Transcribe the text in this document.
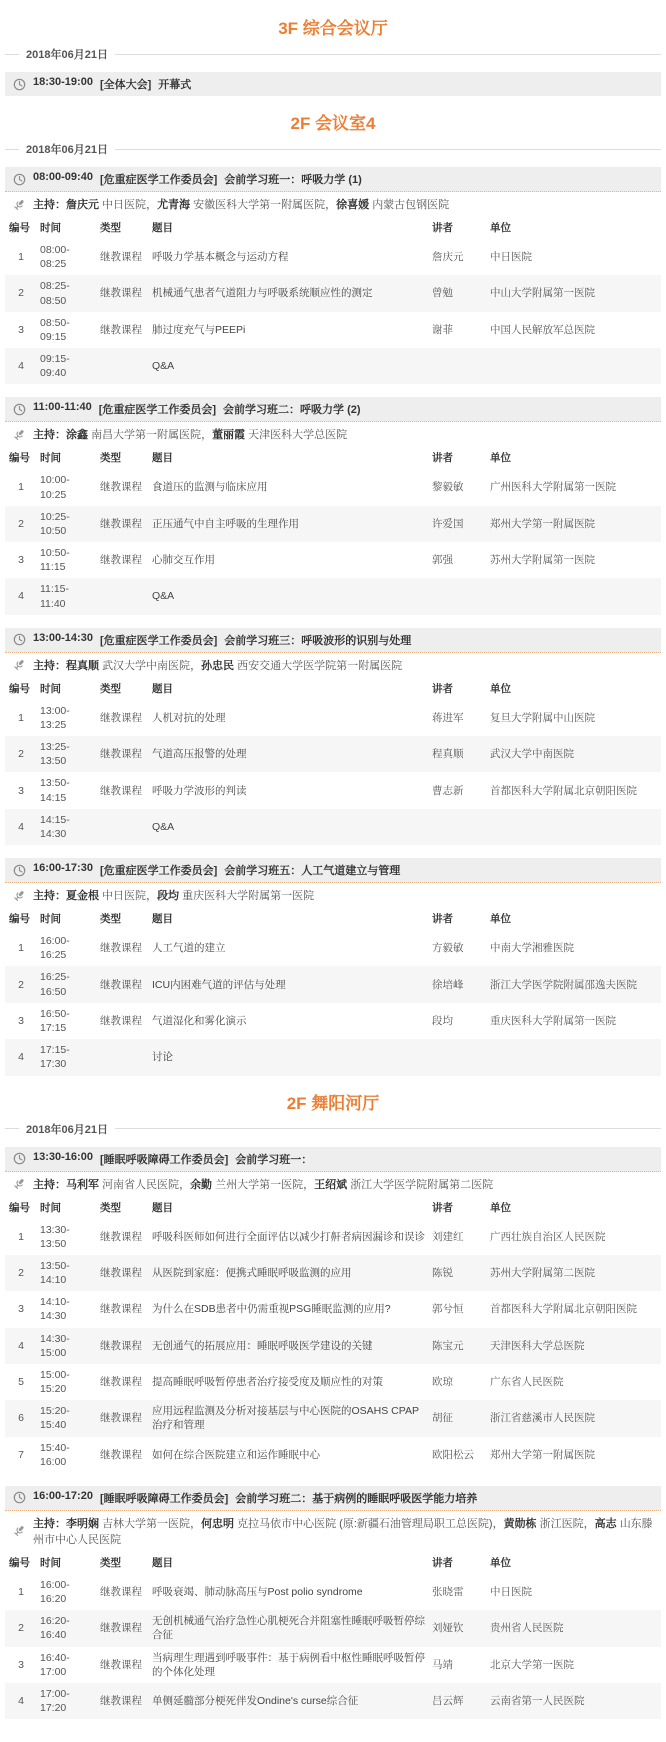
3F 综合会议厅
2018年06月21日
18:30-19:00 [全体大会] 开幕式
2F 会议室4
2018年06月21日
08:00-09:40 [危重症医学工作委员会] 会前学习班一：呼吸力学 (1)
主持：詹庆元 中日医院，尤青海 安徽医科大学第一附属医院，徐喜媛 内蒙古包钢医院
编号	时间	类型	题目	讲者	单位
1	08:00-08:25	继教课程	呼吸力学基本概念与运动方程	詹庆元	中日医院
2	08:25-08:50	继教课程	机械通气患者气道阻力与呼吸系统顺应性的测定	曾勉	中山大学附属第一医院
3	08:50-09:15	继教课程	肺过度充气与PEEPi	谢菲	中国人民解放军总医院
4	09:15-09:40		Q&A		
11:00-11:40 [危重症医学工作委员会] 会前学习班二：呼吸力学 (2)
主持：涂鑫 南昌大学第一附属医院，董丽霞 天津医科大学总医院
编号	时间	类型	题目	讲者	单位
1	10:00-10:25	继教课程	食道压的监测与临床应用	黎毅敏	广州医科大学附属第一医院
2	10:25-10:50	继教课程	正压通气中自主呼吸的生理作用	许爱国	郑州大学第一附属医院
3	10:50-11:15	继教课程	心肺交互作用	郭强	苏州大学附属第一医院
4	11:15-11:40		Q&A		
13:00-14:30 [危重症医学工作委员会] 会前学习班三：呼吸波形的识别与处理
主持：程真顺 武汉大学中南医院，孙忠民 西安交通大学医学院第一附属医院
编号	时间	类型	题目	讲者	单位
1	13:00-13:25	继教课程	人机对抗的处理	蒋进军	复旦大学附属中山医院
2	13:25-13:50	继教课程	气道高压报警的处理	程真顺	武汉大学中南医院
3	13:50-14:15	继教课程	呼吸力学波形的判读	曹志新	首都医科大学附属北京朝阳医院
4	14:15-14:30		Q&A		
16:00-17:30 [危重症医学工作委员会] 会前学习班五：人工气道建立与管理
主持：夏金根 中日医院，段均 重庆医科大学附属第一医院
编号	时间	类型	题目	讲者	单位
1	16:00-16:25	继教课程	人工气道的建立	方毅敏	中南大学湘雅医院
2	16:25-16:50	继教课程	ICU内困难气道的评估与处理	徐培峰	浙江大学医学院附属邵逸夫医院
3	16:50-17:15	继教课程	气道湿化和雾化演示	段均	重庆医科大学附属第一医院
4	17:15-17:30		讨论		
2F 舞阳河厅
2018年06月21日
13:30-16:00 [睡眠呼吸障碍工作委员会] 会前学习班一：
主持：马利军 河南省人民医院，余勤 兰州大学第一医院，王绍斌 浙江大学医学院附属第二医院
编号	时间	类型	题目	讲者	单位
1	13:30-13:50	继教课程	呼吸科医师如何进行全面评估以减少打鼾者病因漏诊和误诊	刘建红	广西壮族自治区人民医院
2	13:50-14:10	继教课程	从医院到家庭：便携式睡眠呼吸监测的应用	陈锐	苏州大学附属第二医院
3	14:10-14:30	继教课程	为什么在SDB患者中仍需重视PSG睡眠监测的应用?	郭兮恒	首都医科大学附属北京朝阳医院
4	14:30-15:00	继教课程	无创通气的拓展应用：睡眠呼吸医学建设的关键	陈宝元	天津医科大学总医院
5	15:00-15:20	继教课程	提高睡眠呼吸暂停患者治疗接受度及顺应性的对策	欧琼	广东省人民医院
6	15:20-15:40	继教课程	应用远程监测及分析对接基层与中心医院的OSAHS CPAP治疗和管理	胡征	浙江省慈溪市人民医院
7	15:40-16:00	继教课程	如何在综合医院建立和运作睡眠中心	欧阳松云	郑州大学第一附属医院
16:00-17:20 [睡眠呼吸障碍工作委员会] 会前学习班二：基于病例的睡眠呼吸医学能力培养
主持：李明娴 吉林大学第一医院，何忠明 克拉马依市中心医院 (原:新疆石油管理局职工总医院)，黄勋栋 浙江医院，高志 山东滕州市中心人民医院
编号	时间	类型	题目	讲者	单位
1	16:00-16:20	继教课程	呼吸衰竭、肺动脉高压与Post polio syndrome	张晓雷	中日医院
2	16:20-16:40	继教课程	无创机械通气治疗急性心肌梗死合并阻塞性睡眠呼吸暂停综合征	刘娅钦	贵州省人民医院
3	16:40-17:00	继教课程	当病理生理遇到呼吸事件：基于病例看中枢性睡眠呼吸暂停的个体化处理	马靖	北京大学第一医院
4	17:00-17:20	继教课程	单侧延髓部分梗死伴发Ondine's curse综合征	吕云辉	云南省第一人民医院
